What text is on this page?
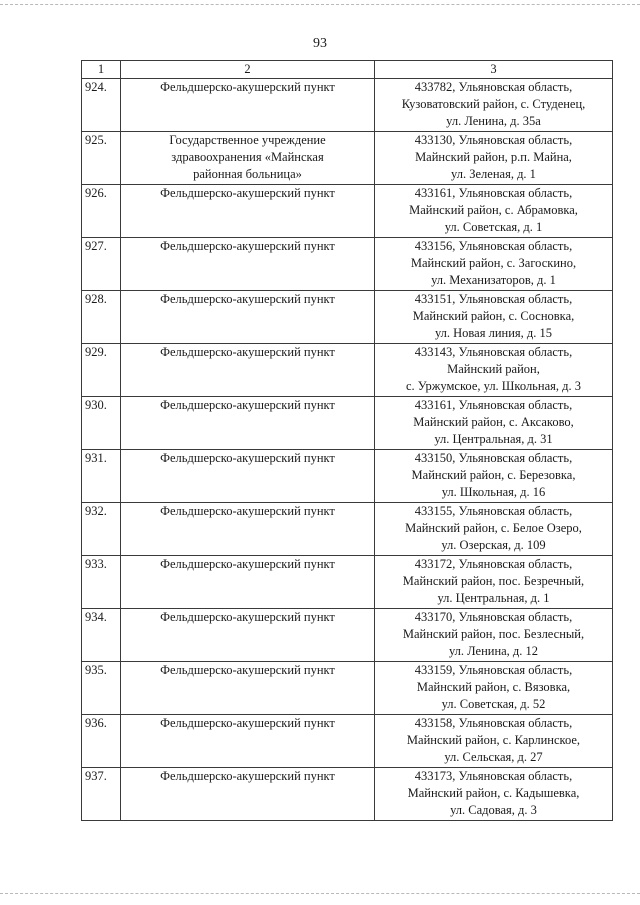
93
1	2	3
924.	Фельдшерско-акушерский пункт	433782, Ульяновская область,
Кузоватовский район, с. Студенец,
ул. Ленина, д. 35а

925.	Государственное учреждение
здравоохранения «Майнская
районная больница»	433130, Ульяновская область,
Майнский район, р.п. Майна,
ул. Зеленая, д. 1

926.	Фельдшерско-акушерский пункт	433161, Ульяновская область,
Майнский район, с. Абрамовка,
ул. Советская, д. 1

927.	Фельдшерско-акушерский пункт	433156, Ульяновская область,
Майнский район, с. Загоскино,
ул. Механизаторов, д. 1

928.	Фельдшерско-акушерский пункт	433151, Ульяновская область,
Майнский район, с. Сосновка,
ул. Новая линия, д. 15

929.	Фельдшерско-акушерский пункт	433143, Ульяновская область,
Майнский район,
с. Уржумское, ул. Школьная, д. 3

930.	Фельдшерско-акушерский пункт	433161, Ульяновская область,
Майнский район, с. Аксаково,
ул. Центральная, д. 31

931.	Фельдшерско-акушерский пункт	433150, Ульяновская область,
Майнский район, с. Березовка,
ул. Школьная, д. 16

932.	Фельдшерско-акушерский пункт	433155, Ульяновская область,
Майнский район, с. Белое Озеро,
ул. Озерская, д. 109

933.	Фельдшерско-акушерский пункт	433172, Ульяновская область,
Майнский район, пос. Безречный,
ул. Центральная, д. 1

934.	Фельдшерско-акушерский пункт	433170, Ульяновская область,
Майнский район, пос. Безлесный,
ул. Ленина, д. 12

935.	Фельдшерско-акушерский пункт	433159, Ульяновская область,
Майнский район, с. Вязовка,
ул. Советская, д. 52

936.	Фельдшерско-акушерский пункт	433158, Ульяновская область,
Майнский район, с. Карлинское,
ул. Сельская, д. 27

937.	Фельдшерско-акушерский пункт	433173, Ульяновская область,
Майнский район, с. Кадышевка,
ул. Садовая, д. 3
